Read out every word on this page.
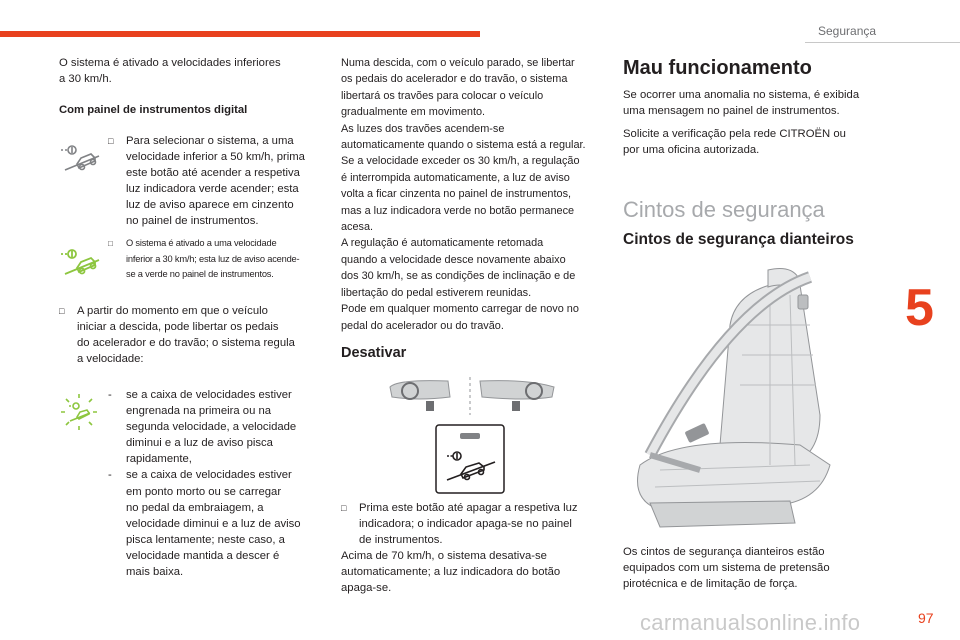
Segurança
5

O sistema é ativado a velocidades inferiores

a 30 km/h.

Com painel de instrumentos digital
□ Para selecionar o sistema, a uma

velocidade inferior a 50 km/h, prima

este botão até acender a respetiva

luz indicadora verde acender; esta

luz de aviso aparece em cinzento

no painel de instrumentos.

□ O sistema é ativado a uma velocidade

inferior a 30 km/h; esta luz de aviso acende-

se a verde no painel de instrumentos.

□ A partir do momento em que o veículo

iniciar a descida, pode libertar os pedais

do acelerador e do travão; o sistema regula

a velocidade:

- se a caixa de velocidades estiver

engrenada na primeira ou na

segunda velocidade, a velocidade

diminui e a luz de aviso pisca

rapidamente,

- se a caixa de velocidades estiver

em ponto morto ou se carregar

no pedal da embraiagem, a

velocidade diminui e a luz de aviso

pisca lentamente; neste caso, a

velocidade mantida a descer é

mais baixa.

Numa descida, com o veículo parado, se libertar

os pedais do acelerador e do travão, o sistema

libertará os travões para colocar o veículo

gradualmente em movimento.

As luzes dos travões acendem-se

automaticamente quando o sistema está a regular.

Se a velocidade exceder os 30 km/h, a regulação

é interrompida automaticamente, a luz de aviso

volta a ficar cinzenta no painel de instrumentos,

mas a luz indicadora verde no botão permanece

acesa.

A regulação é automaticamente retomada

quando a velocidade desce novamente abaixo

dos 30 km/h, se as condições de inclinação e de

libertação do pedal estiverem reunidas.

Pode em qualquer momento carregar de novo no

pedal do acelerador ou do travão.

Desativar
□ Prima este botão até apagar a respetiva luz

indicadora; o indicador apaga-se no painel

de instrumentos.

Acima de 70 km/h, o sistema desativa-se

automaticamente; a luz indicadora do botão

apaga-se.

Mau funcionamento

Se ocorrer uma anomalia no sistema, é exibida

uma mensagem no painel de instrumentos.

Solicite a verificação pela rede CITROËN ou

por uma oficina autorizada.

Cintos de segurança
Cintos de segurança dianteiros

Os cintos de segurança dianteiros estão

equipados com um sistema de pretensão

pirotécnica e de limitação de força.

carmanualsonline.info	97
